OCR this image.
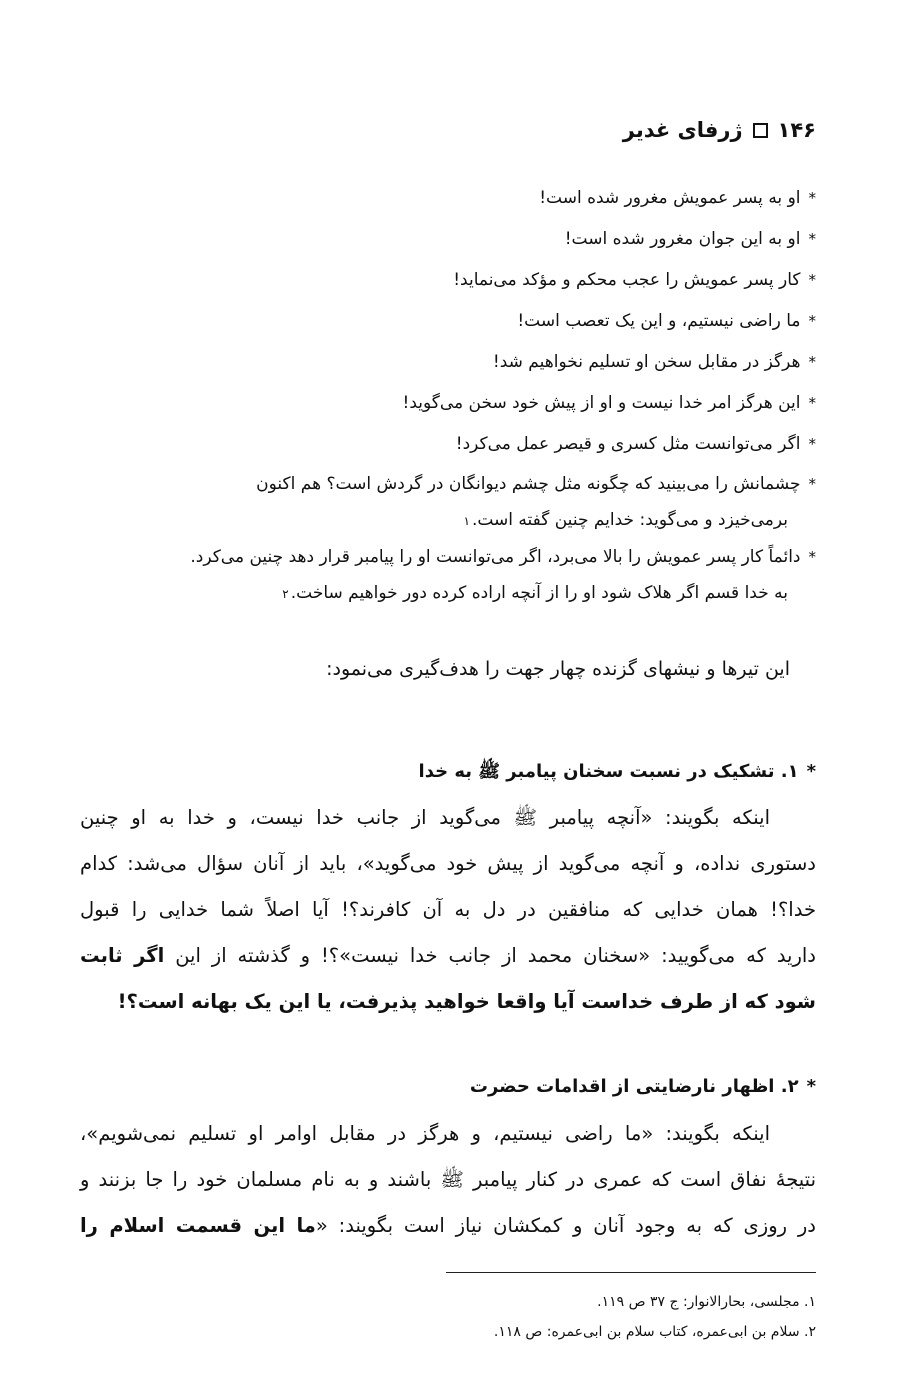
۱۴۶
ژرفای غدیر
*
او به پسر عمویش مغرور شده است!
*
او به این جوان مغرور شده است!
*
کار پسر عمویش را عجب محکم و مؤکد می‌نماید!
*
ما راضی نیستیم، و این یک تعصب است!
*
هرگز در مقابل سخن او تسلیم نخواهیم شد!
*
این هرگز امر خدا نیست و او از پیش خود سخن می‌گوید!
*
اگر می‌توانست مثل کسری و قیصر عمل می‌کرد!
*
چشمانش را می‌بینید که چگونه مثل چشم دیوانگان در گردش است؟ هم اکنون
برمی‌خیزد و می‌گوید: خدایم چنین گفته است.
۱
*
دائماً کار پسر عمویش را بالا می‌برد، اگر می‌توانست او را پیامبر قرار دهد چنین می‌کرد.
به خدا قسم اگر هلاک شود او را از آنچه اراده کرده دور خواهیم ساخت.
۲
این تیرها و نیشهای گزنده چهار جهت را هدف‌گیری می‌نمود:
*
۱. تشکیک در نسبت سخنان پیامبر ﷺ به خدا
اینکه بگویند: «آنچه پیامبر ﷺ می‌گوید از جانب خدا نیست، و خدا به او چنین
دستوری نداده، و آنچه می‌گوید از پیش خود می‌گوید»، باید از آنان سؤال می‌شد: کدام
خدا؟! همان خدایی که منافقین در دل به آن کافرند؟! آیا اصلاً شما خدایی را قبول
دارید که می‌گویید: «سخنان محمد از جانب خدا نیست»؟! و گذشته از این اگر ثابت
شود که از طرف خداست آیا واقعا خواهید پذیرفت، یا این یک بهانه است؟!
*
۲. اظهار نارضایتی از اقدامات حضرت
اینکه بگویند: «ما راضی نیستیم، و هرگز در مقابل اوامر او تسلیم نمی‌شویم»،
نتیجهٔ نفاق است که عمری در کنار پیامبر ﷺ باشند و به نام مسلمان خود را جا بزنند و
در روزی که به وجود آنان و کمکشان نیاز است بگویند: «ما این قسمت اسلام را
۱. مجلسی، بحارالانوار: ج ۳۷ ص ۱۱۹.
۲. سلام بن ابی‌عمره، کتاب سلام بن ابی‌عمره: ص ۱۱۸.
